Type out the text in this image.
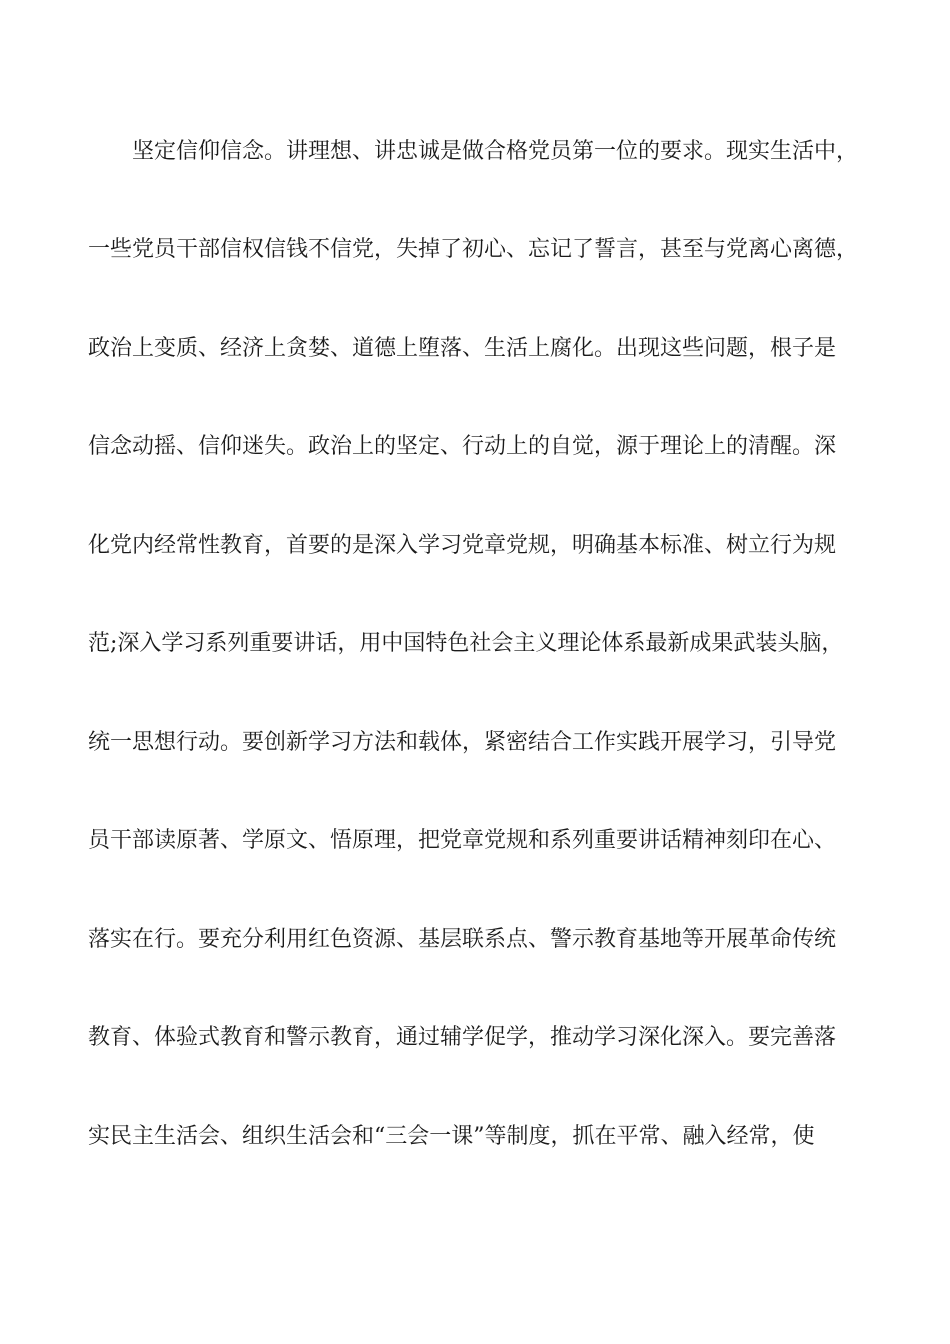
坚定信仰信念。讲理想、讲忠诚是做合格党员第一位的要求。现实生活中，
一些党员干部信权信钱不信党，失掉了初心、忘记了誓言，甚至与党离心离德，
政治上变质、经济上贪婪、道德上堕落、生活上腐化。出现这些问题，根子是
信念动摇、信仰迷失。政治上的坚定、行动上的自觉，源于理论上的清醒。深
化党内经常性教育，首要的是深入学习党章党规，明确基本标准、树立行为规
范;深入学习系列重要讲话，用中国特色社会主义理论体系最新成果武装头脑，
统一思想行动。要创新学习方法和载体，紧密结合工作实践开展学习，引导党
员干部读原著、学原文、悟原理，把党章党规和系列重要讲话精神刻印在心、
落实在行。要充分利用红色资源、基层联系点、警示教育基地等开展革命传统
教育、体验式教育和警示教育，通过辅学促学，推动学习深化深入。要完善落
实民主生活会、组织生活会和“三会一课”等制度，抓在平常、融入经常，使
